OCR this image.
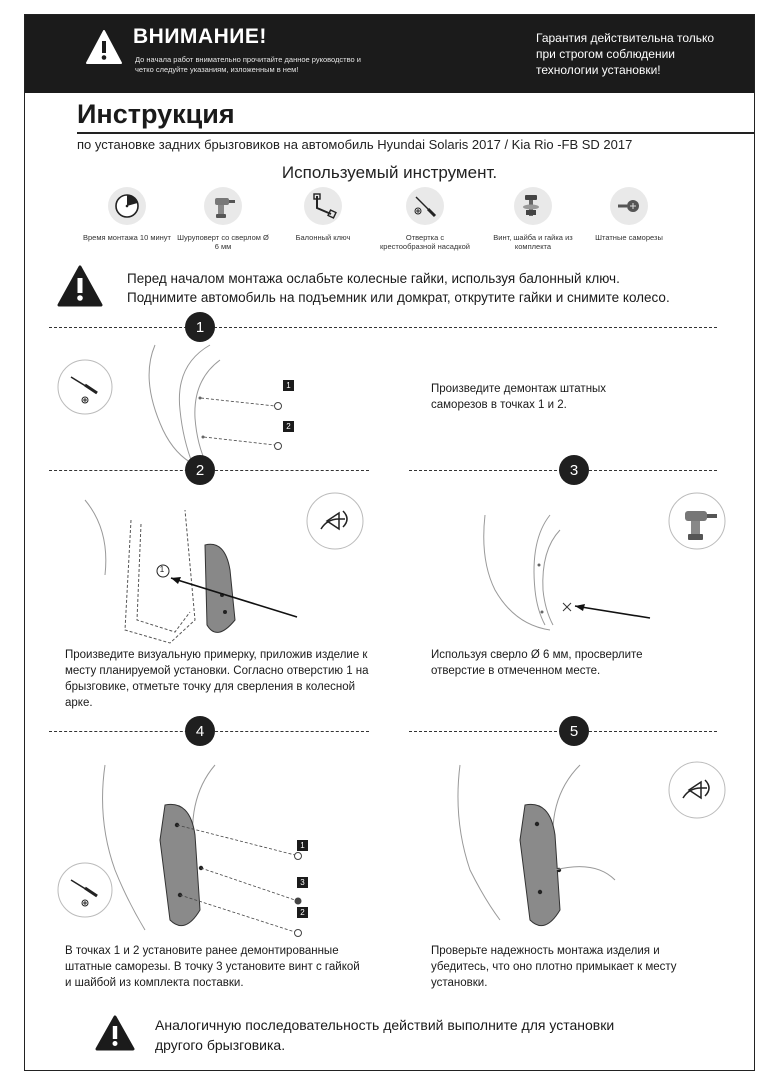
ВНИМАНИЕ!
До начала работ внимательно прочитайте данное руководство и четко следуйте указаниям, изложенным в нем!
Гарантия действительна только при строгом соблюдении технологии установки!
Инструкция
по установке задних брызговиков на автомобиль Hyundai Solaris 2017 / Kia Rio -FB SD 2017
Используемый инструмент.
Время монтажа 10 минут Шуруповерт со сверлом Ø 6 мм
Балонный ключ	Отвертка с крестообразной насадкой
Винт, шайба и гайка из комплекта
Штатные саморезы
Перед началом монтажа ослабьте колесные гайки, используя балонный ключ.
Поднимите автомобиль на подъемник или домкрат, открутите гайки и снимите колесо.
1
1
2
Произведите демонтаж штатных саморезов в точках 1 и 2.
2	3
1
Произведите визуальную примерку, приложив изделие к месту планируемой установки. Согласно отверстию 1 на брызговике, отметьте точку для сверления в колесной арке.
Используя сверло Ø 6 мм, просверлите отверстие в отмеченном месте.
4	5
1
3
2
В точках 1 и 2 установите ранее демонтированные штатные саморезы. В точку 3 установите винт с гайкой и шайбой из комплекта поставки.
Проверьте надежность монтажа изделия и убедитесь, что оно плотно примыкает к месту установки.
Аналогичную последовательность действий выполните для установки
другого брызговика.
